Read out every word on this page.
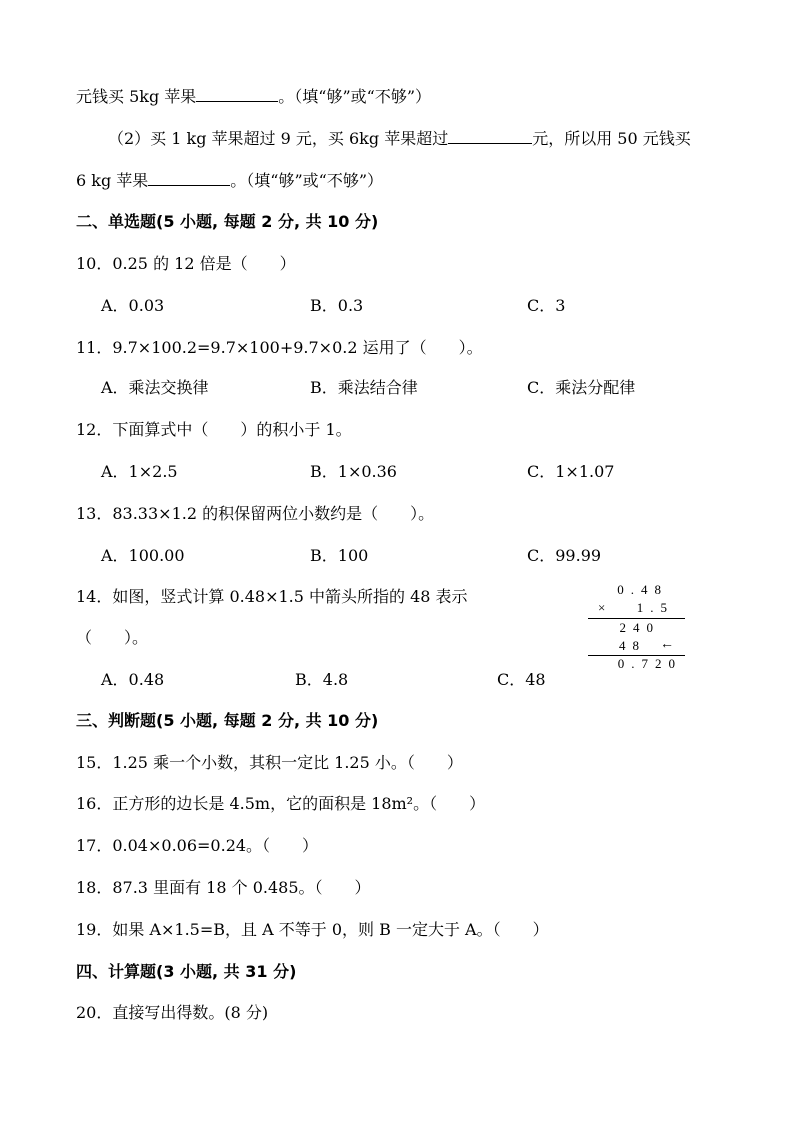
元钱买 5kg 苹果	。（填“够”或“不够”）
（2）买 1 kg 苹果超过 9 元，买 6kg 苹果超过	元，所以用 50 元钱买
6 kg 苹果	。（填“够”或“不够”）
二、单选题(5 小题, 每题 2 分, 共 10 分)
10．0.25 的 12 倍是（　　）
A．0.03	B．0.3	C．3
11．9.7×100.2=9.7×100+9.7×0.2 运用了（　　）。
A．乘法交换律	B．乘法结合律	C．乘法分配律
12．下面算式中（　　）的积小于 1。
A．1×2.5	B．1×0.36	C．1×1.07
13．83.33×1.2 的积保留两位小数约是（　　）。
A．100.00	B．100	C．99.99
14．如图，竖式计算 0.48×1.5 中箭头所指的 48 表示
（　　）。
A．0.48	B．4.8	C．48
0.48
× 1.5
240
48 ←
0.720
三、判断题(5 小题, 每题 2 分, 共 10 分)
15．1.25 乘一个小数，其积一定比 1.25 小。（　　）
16．正方形的边长是 4.5m，它的面积是 18m²。（　　）
17．0.04×0.06=0.24。（　　）
18．87.3 里面有 18 个 0.485。（　　）
19．如果 A×1.5=B，且 A 不等于 0，则 B 一定大于 A。（　　）
四、计算题(3 小题, 共 31 分)
20．直接写出得数。(8 分)
